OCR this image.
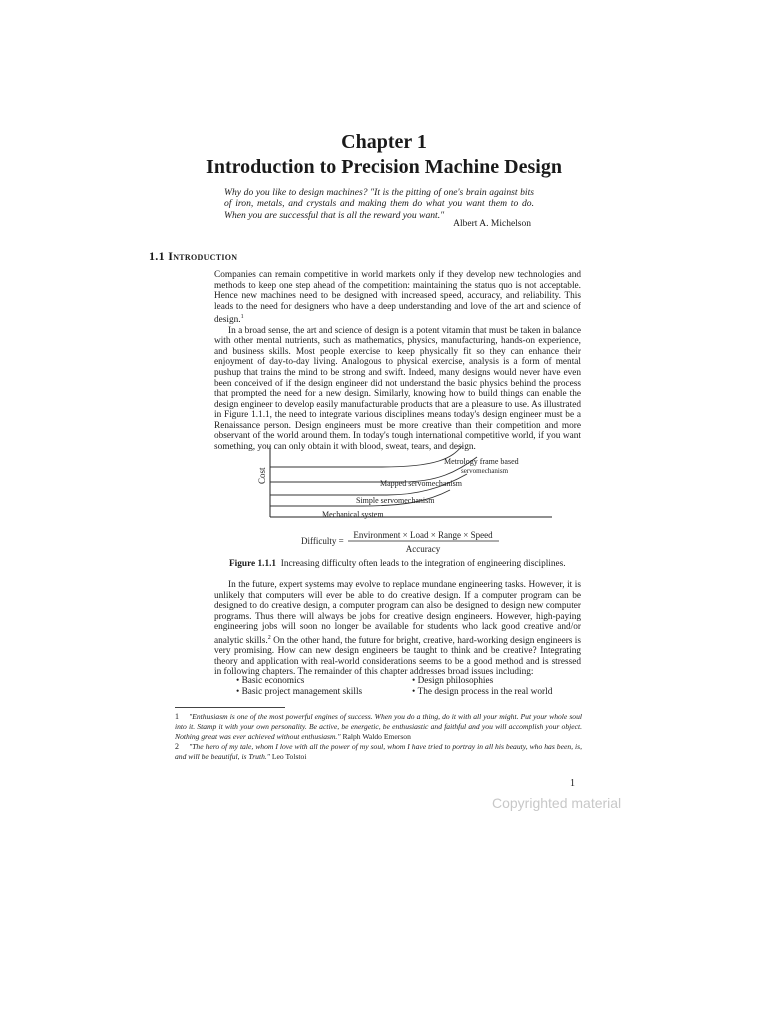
Chapter 1
Introduction to Precision Machine Design
Why do you like to design machines? "It is the pitting of one's brain against bits of iron, metals, and crystals and making them do what you want them to do. When you are successful that is all the reward you want."
Albert A. Michelson
1.1 Introduction

Companies can remain competitive in world markets only if they develop new technologies and methods to keep one step ahead of the competition: maintaining the status quo is not acceptable. Hence new machines need to be designed with increased speed, accuracy, and reliability. This leads to the need for designers who have a deep understanding and love of the art and science of design.$^1$

In a broad sense, the art and science of design is a potent vitamin that must be taken in balance with other mental nutrients, such as mathematics, physics, manufacturing, hands-on experience, and business skills. Most people exercise to keep physically fit so they can enhance their enjoyment of day-to-day living. Analogous to physical exercise, analysis is a form of mental pushup that trains the mind to be strong and swift. Indeed, many designs would never have even been conceived of if the design engineer did not understand the basic physics behind the process that prompted the need for a new design. Similarly, knowing how to build things can enable the design engineer to develop easily manufacturable products that are a pleasure to use. As illustrated in Figure 1.1.1, the need to integrate various disciplines means today's design engineer must be a Renaissance person. Design engineers must be more creative than their competition and more observant of the world around them. In today's tough international competitive world, if you want something, you can only obtain it with blood, sweat, tears, and design.

Cost
Metrology frame based
servomechanism
Mapped servomechanism
Simple servomechanism
Mechanical system
Difficulty =
Environment × Load × Range × Speed
Accuracy
Figure 1.1.1 Increasing difficulty often leads to the integration of engineering disciplines.

In the future, expert systems may evolve to replace mundane engineering tasks. However, it is unlikely that computers will ever be able to do creative design. If a computer program can be designed to do creative design, a computer program can also be designed to design new computer programs. Thus there will always be jobs for creative design engineers. However, high-paying engineering jobs will soon no longer be available for students who lack good creative and/or analytic skills.$^2$ On the other hand, the future for bright, creative, hard-working design engineers is very promising. How can new design engineers be taught to think and be creative? Integrating theory and application with real-world considerations seems to be a good method and is stressed in following chapters. The remainder of this chapter addresses broad issues including:

• Basic economics
• Basic project management skills
• Design philosophies
• The design process in the real world
1 "Enthusiasm is one of the most powerful engines of success. When you do a thing, do it with all your might. Put your whole soul into it. Stamp it with your own personality. Be active, be energetic, be enthusiastic and faithful and you will accomplish your object. Nothing great was ever achieved without enthusiasm." Ralph Waldo Emerson
2 "The hero of my tale, whom I love with all the power of my soul, whom I have tried to portray in all his beauty, who has been, is, and will be beautiful, is Truth." Leo Tolstoi
1
Copyrighted material
